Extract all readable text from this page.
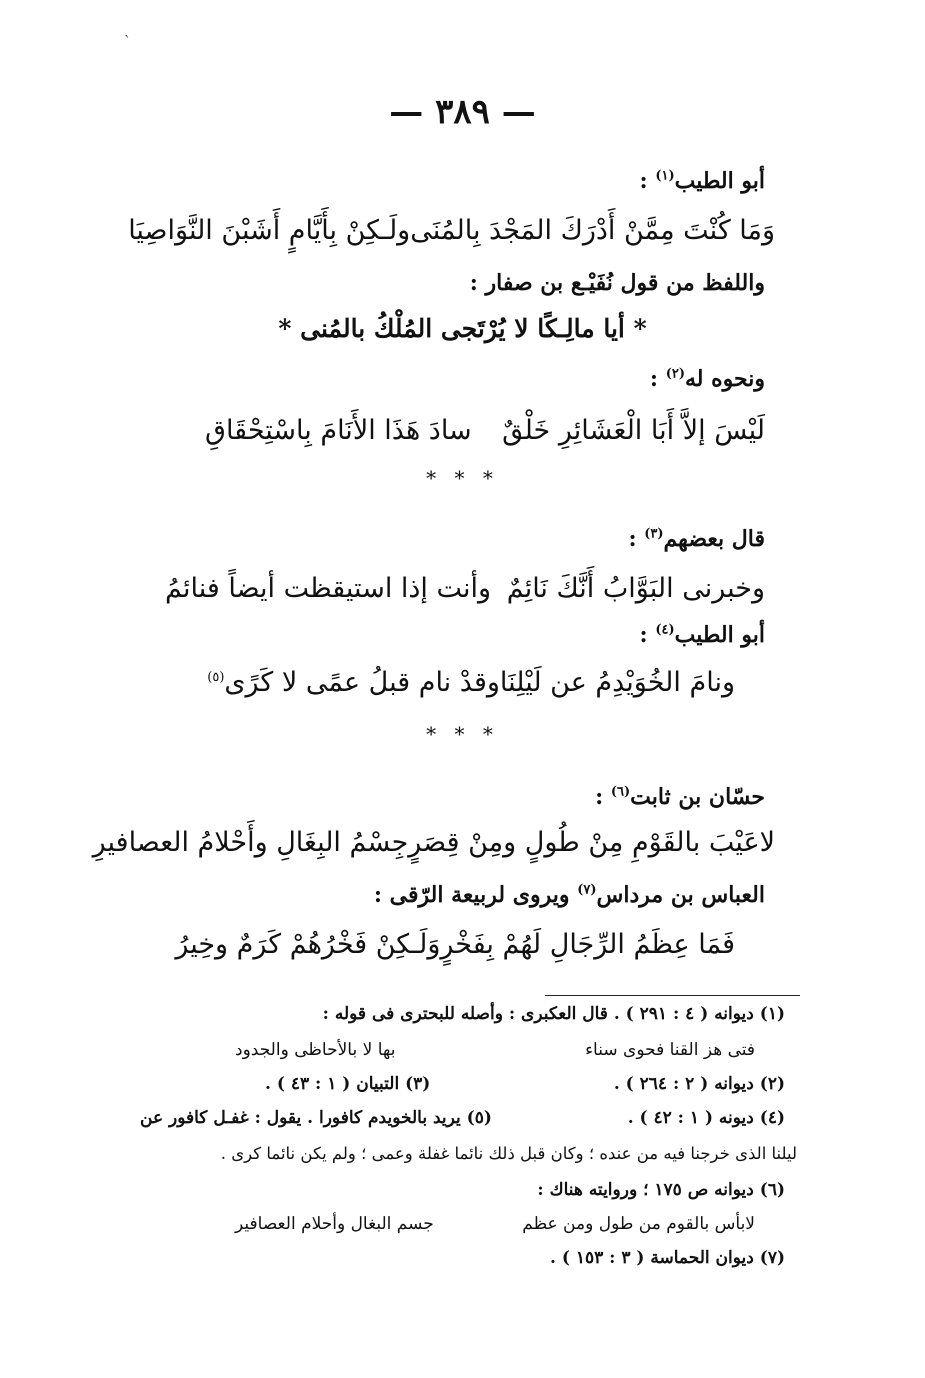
ˋ
— ٣٨٩ —
أبو الطيب$^{(١)}$ :
وَمَا كُنْتَ مِمَّنْ أَدْرَكَ المَجْدَ بِالمُنَى
ولَـكِنْ بِأَيَّامٍ أَشَبْنَ النَّوَاصِيَا
واللفظ من قول نُفَيْـع بن صفار :
* أيا مالِـكًا لا يُرْتَجى المُلْكُ بالمُنى *
ونحوه له$^{(٢)}$ :
لَيْسَ إلاَّ أَبَا الْعَشَائِرِ خَلْقٌ
سادَ هَذَا الأَنَامَ بِاسْتِحْقَاقِ
* * *
قال بعضهم$^{(٣)}$ :
وخبرنى البَوَّابُ أَنَّكَ نَائِمٌ
وأنت إذا استيقظت أيضاً فنائمُ
أبو الطيب$^{(٤)}$ :
ونامَ الخُوَيْدِمُ عن لَيْلِنَا
وقدْ نام قبلُ عمًى لا كَرًى$^{(٥)}$
* * *
حسّان بن ثابت$^{(٦)}$ :
لاعَيْبَ بالقَوْمِ مِنْ طُولٍ ومِنْ قِصَرٍ
جِسْمُ البِغَالِ وأَحْلامُ العصافيرِ
العباس بن مرداس$^{(٧)}$ ويروى لربيعة الرّقى :
فَمَا عِظَمُ الرِّجَالِ لَهُمْ بِفَخْرٍ
وَلَـكِنْ فَخْرُهُمْ كَرَمٌ وخِيرُ
(١) ديوانه ( ٤ : ٢٩١ ) . قال العكبرى : وأصله للبحترى فى قوله :
فتى هز القنا فحوى سناء
بها لا بالأحاظى والجدود
(٢) ديوانه ( ٢ : ٢٦٤ ) .
(٣) التبيان ( ١ : ٤٣ ) .
(٤) ديونه ( ١ : ٤٢ ) .
(٥) يريد بالخويدم كافورا . يقول : غفـل كافور عن
ليلنا الذى خرجنا فيه من عنده ؛ وكان قبل ذلك نائما غفلة وعمى ؛ ولم يكن نائما كرى .
(٦) ديوانه ص ١٧٥ ؛ وروايته هناك :
لابأس بالقوم من طول ومن عظم
جسم البغال وأحلام العصافير
(٧) ديوان الحماسة ( ٣ : ١٥٣ ) .
